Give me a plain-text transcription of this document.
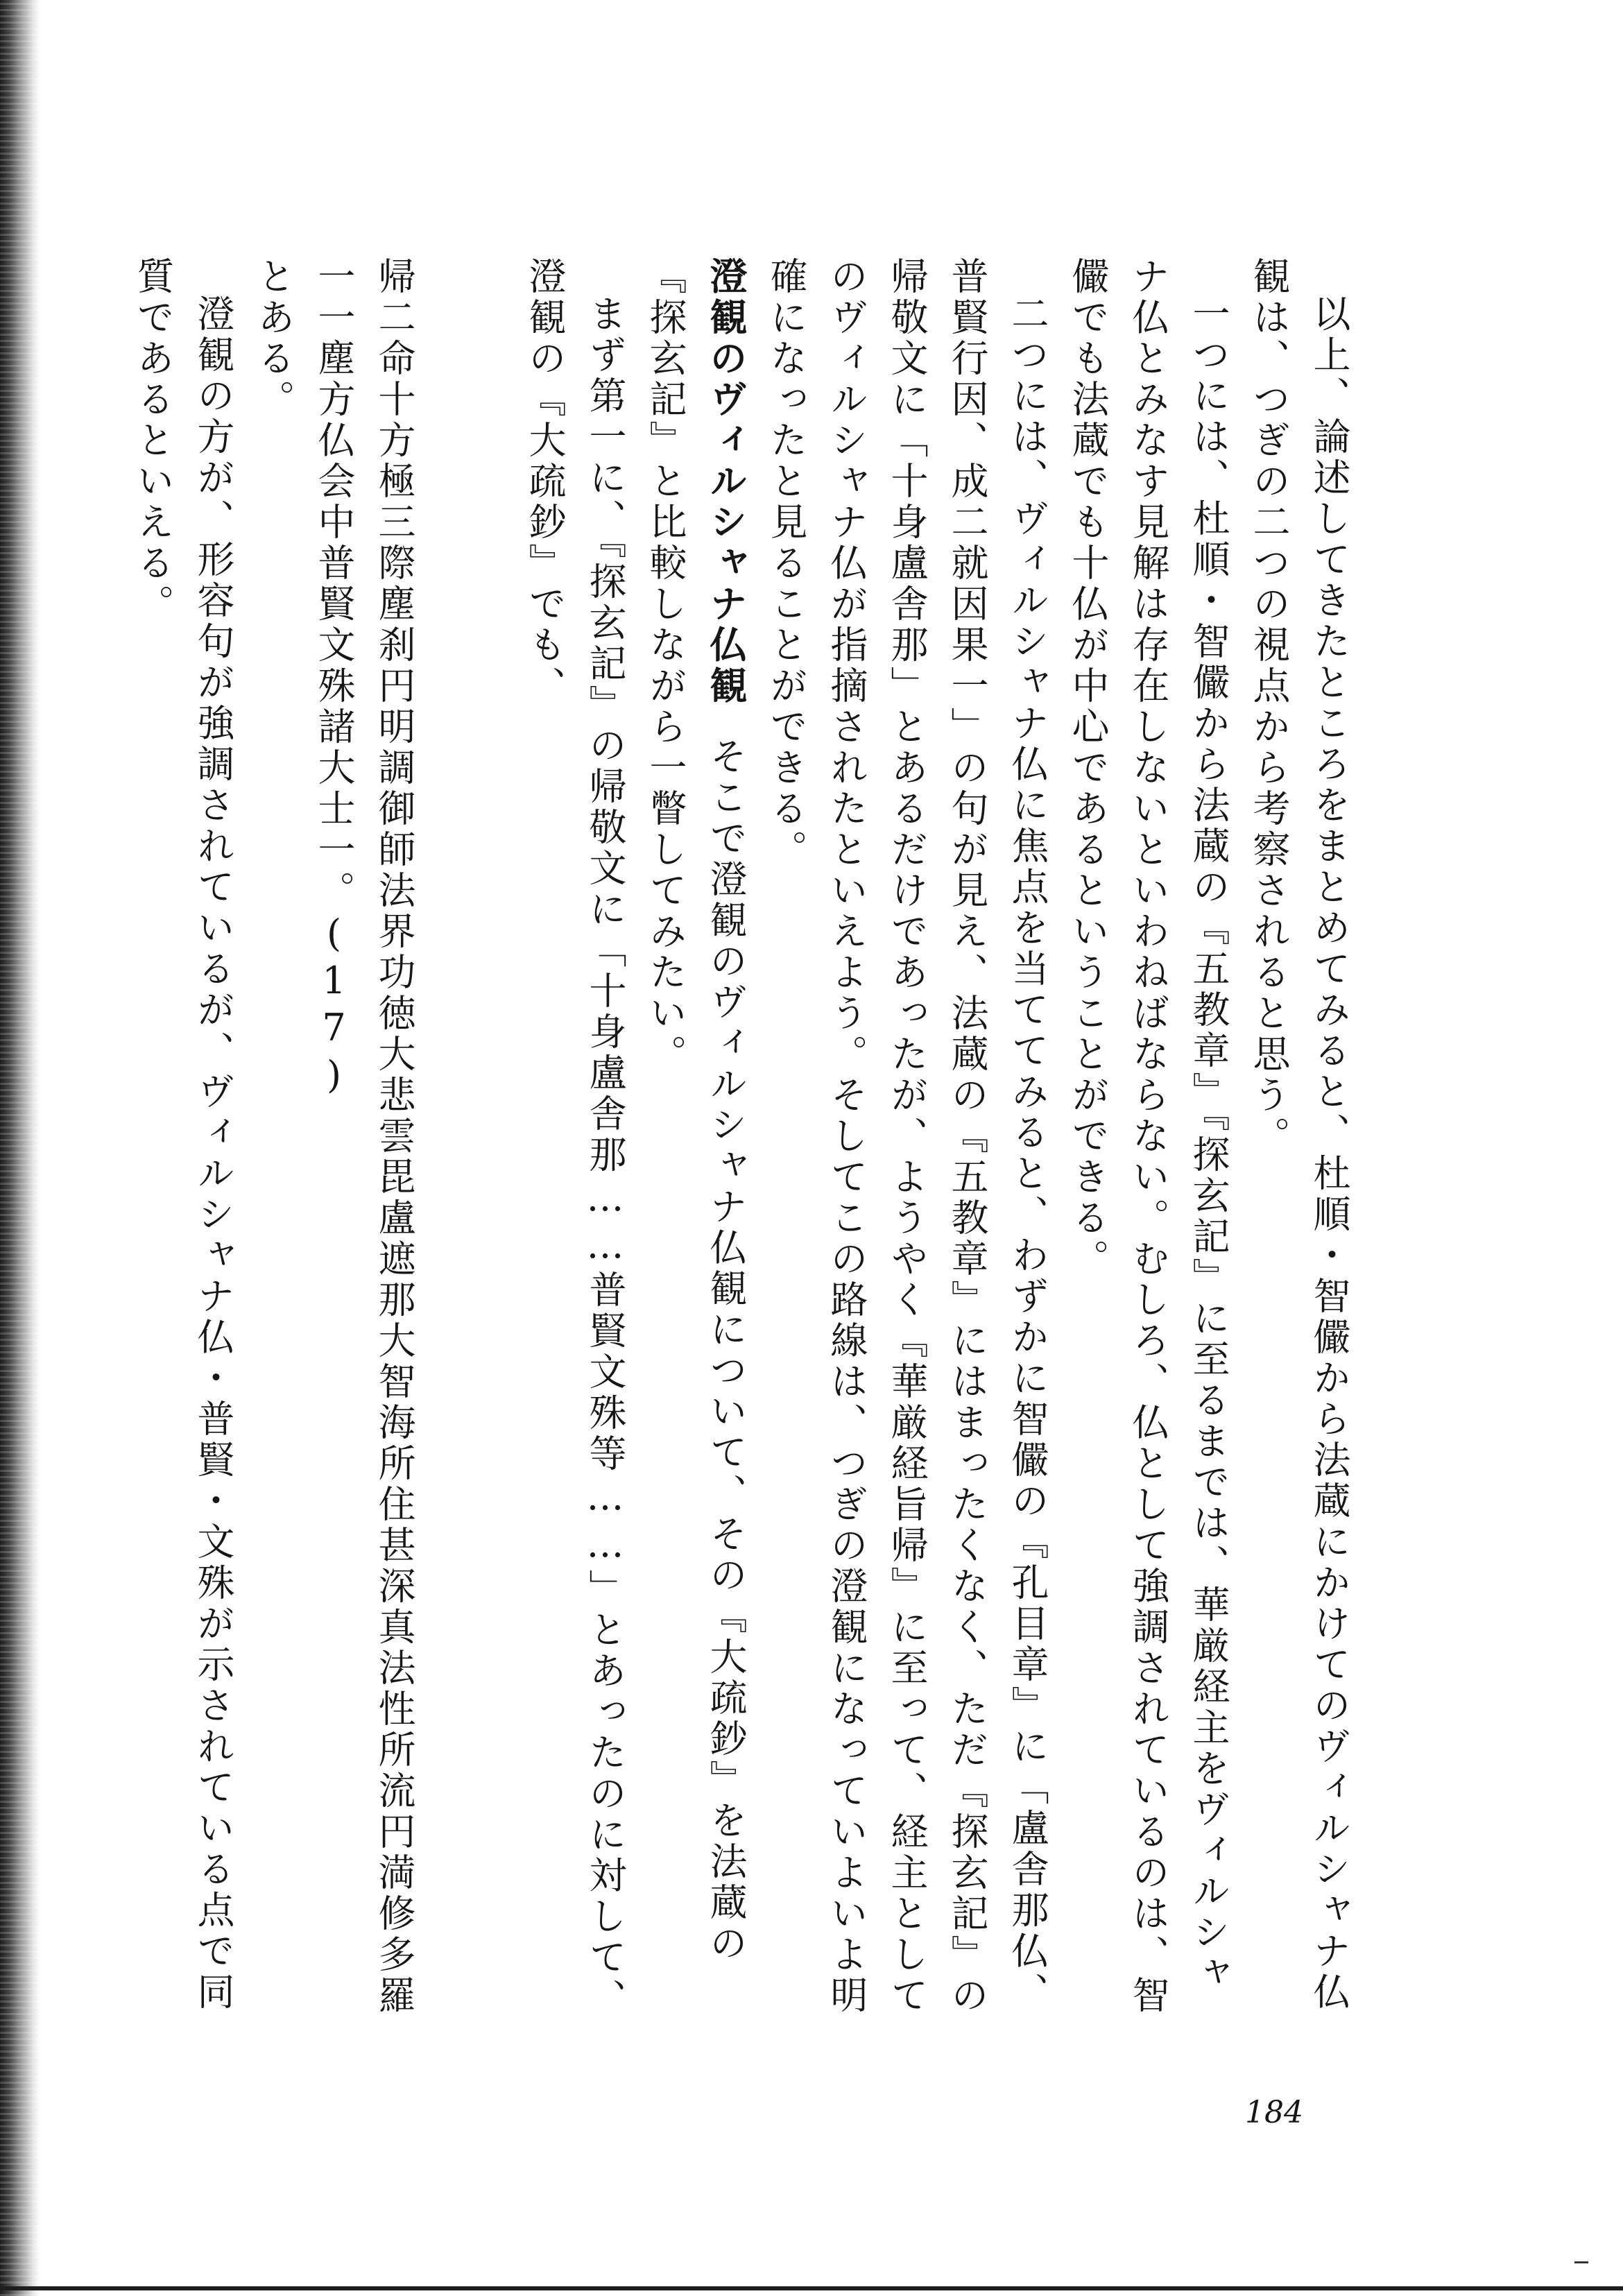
以上、論述してきたところをまとめてみると、杜順・智儼から法蔵にかけてのヴィルシャナ仏観は、つぎの二つの視点から考察されると思う。

一つには、杜順・智儼から法蔵の『五教章』『探玄記』に至るまでは、華厳経主をヴィルシャナ仏とみなす見解は存在しないといわねばならない。むしろ、仏として強調されているのは、智儼でも法蔵でも十仏が中心であるということができる。

二つには、ヴィルシャナ仏に焦点を当ててみると、わずかに智儼の『孔目章』に「盧舎那仏、普賢行因、成二就因果一」の句が見え、法蔵の『五教章』にはまったくなく、ただ『探玄記』の帰敬文に「十身盧舎那」とあるだけであったが、ようやく『華厳経旨帰』に至って、経主としてのヴィルシャナ仏が指摘されたといえよう。そしてこの路線は、つぎの澄観になっていよいよ明確になったと見ることができる。

澄観のヴィルシャナ仏観そこで澄観のヴィルシャナ仏観について、その『大疏鈔』を法蔵の『探玄記』と比較しながら一瞥してみたい。

まず第一に、『探玄記』の帰敬文に「十身盧舎那……普賢文殊等……」とあったのに対して、澄観の『大疏鈔』でも、

帰二命十方極三際塵刹円明調御師法界功徳大悲雲毘盧遮那大智海所住甚深真法性所流円満修多羅一一塵方仏会中普賢文殊諸大士一。(17)

とある。

澄観の方が、形容句が強調されているが、ヴィルシャナ仏・普賢・文殊が示されている点で同質であるといえる。

184
